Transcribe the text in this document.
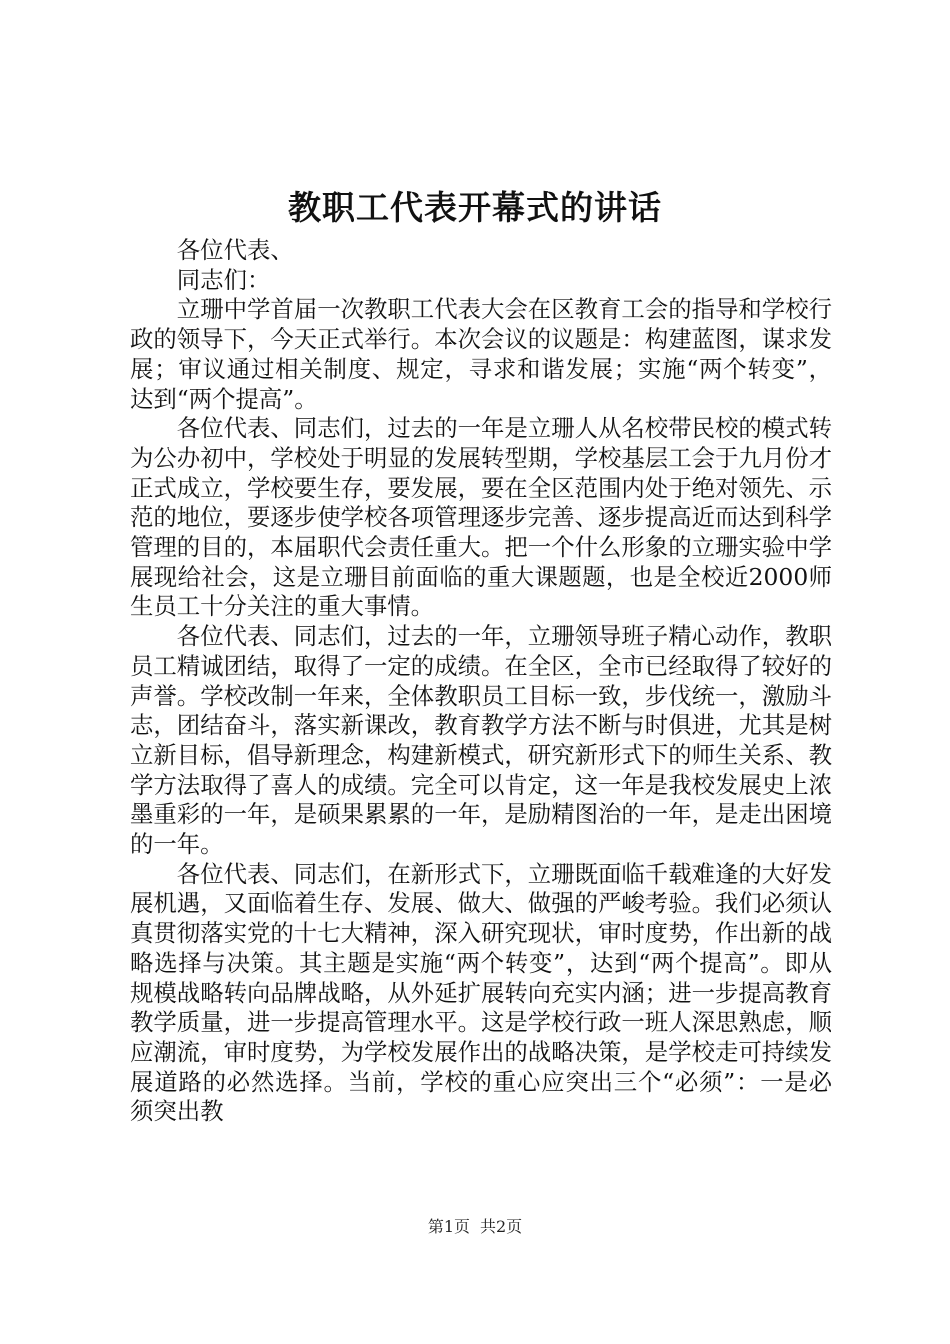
教职工代表开幕式的讲话

各位代表、

同志们：

立珊中学首届一次教职工代表大会在区教育工会的指导和学校行政的领导下，今天正式举行。本次会议的议题是：构建蓝图，谋求发展；审议通过相关制度、规定，寻求和谐发展；实施“两个转变”，达到“两个提高”。

各位代表、同志们，过去的一年是立珊人从名校带民校的模式转为公办初中，学校处于明显的发展转型期，学校基层工会于九月份才正式成立，学校要生存，要发展，要在全区范围内处于绝对领先、示范的地位，要逐步使学校各项管理逐步完善、逐步提高近而达到科学管理的目的，本届职代会责任重大。把一个什么形象的立珊实验中学展现给社会，这是立珊目前面临的重大课题题，也是全校近2000师生员工十分关注的重大事情。

各位代表、同志们，过去的一年，立珊领导班子精心动作，教职员工精诚团结，取得了一定的成绩。在全区，全市已经取得了较好的声誉。学校改制一年来，全体教职员工目标一致，步伐统一，激励斗志，团结奋斗，落实新课改，教育教学方法不断与时俱进，尤其是树立新目标，倡导新理念，构建新模式，研究新形式下的师生关系、教学方法取得了喜人的成绩。完全可以肯定，这一年是我校发展史上浓墨重彩的一年，是硕果累累的一年，是励精图治的一年，是走出困境的一年。

各位代表、同志们，在新形式下，立珊既面临千载难逢的大好发展机遇，又面临着生存、发展、做大、做强的严峻考验。我们必须认真贯彻落实党的十七大精神，深入研究现状，审时度势，作出新的战略选择与决策。其主题是实施“两个转变”，达到“两个提高”。即从规模战略转向品牌战略，从外延扩展转向充实内涵；进一步提高教育教学质量，进一步提高管理水平。这是学校行政一班人深思熟虑，顺应潮流，审时度势，为学校发展作出的战略决策，是学校走可持续发展道路的必然选择。当前，学校的重心应突出三个“必须”：一是必须突出教

第1页 共2页
